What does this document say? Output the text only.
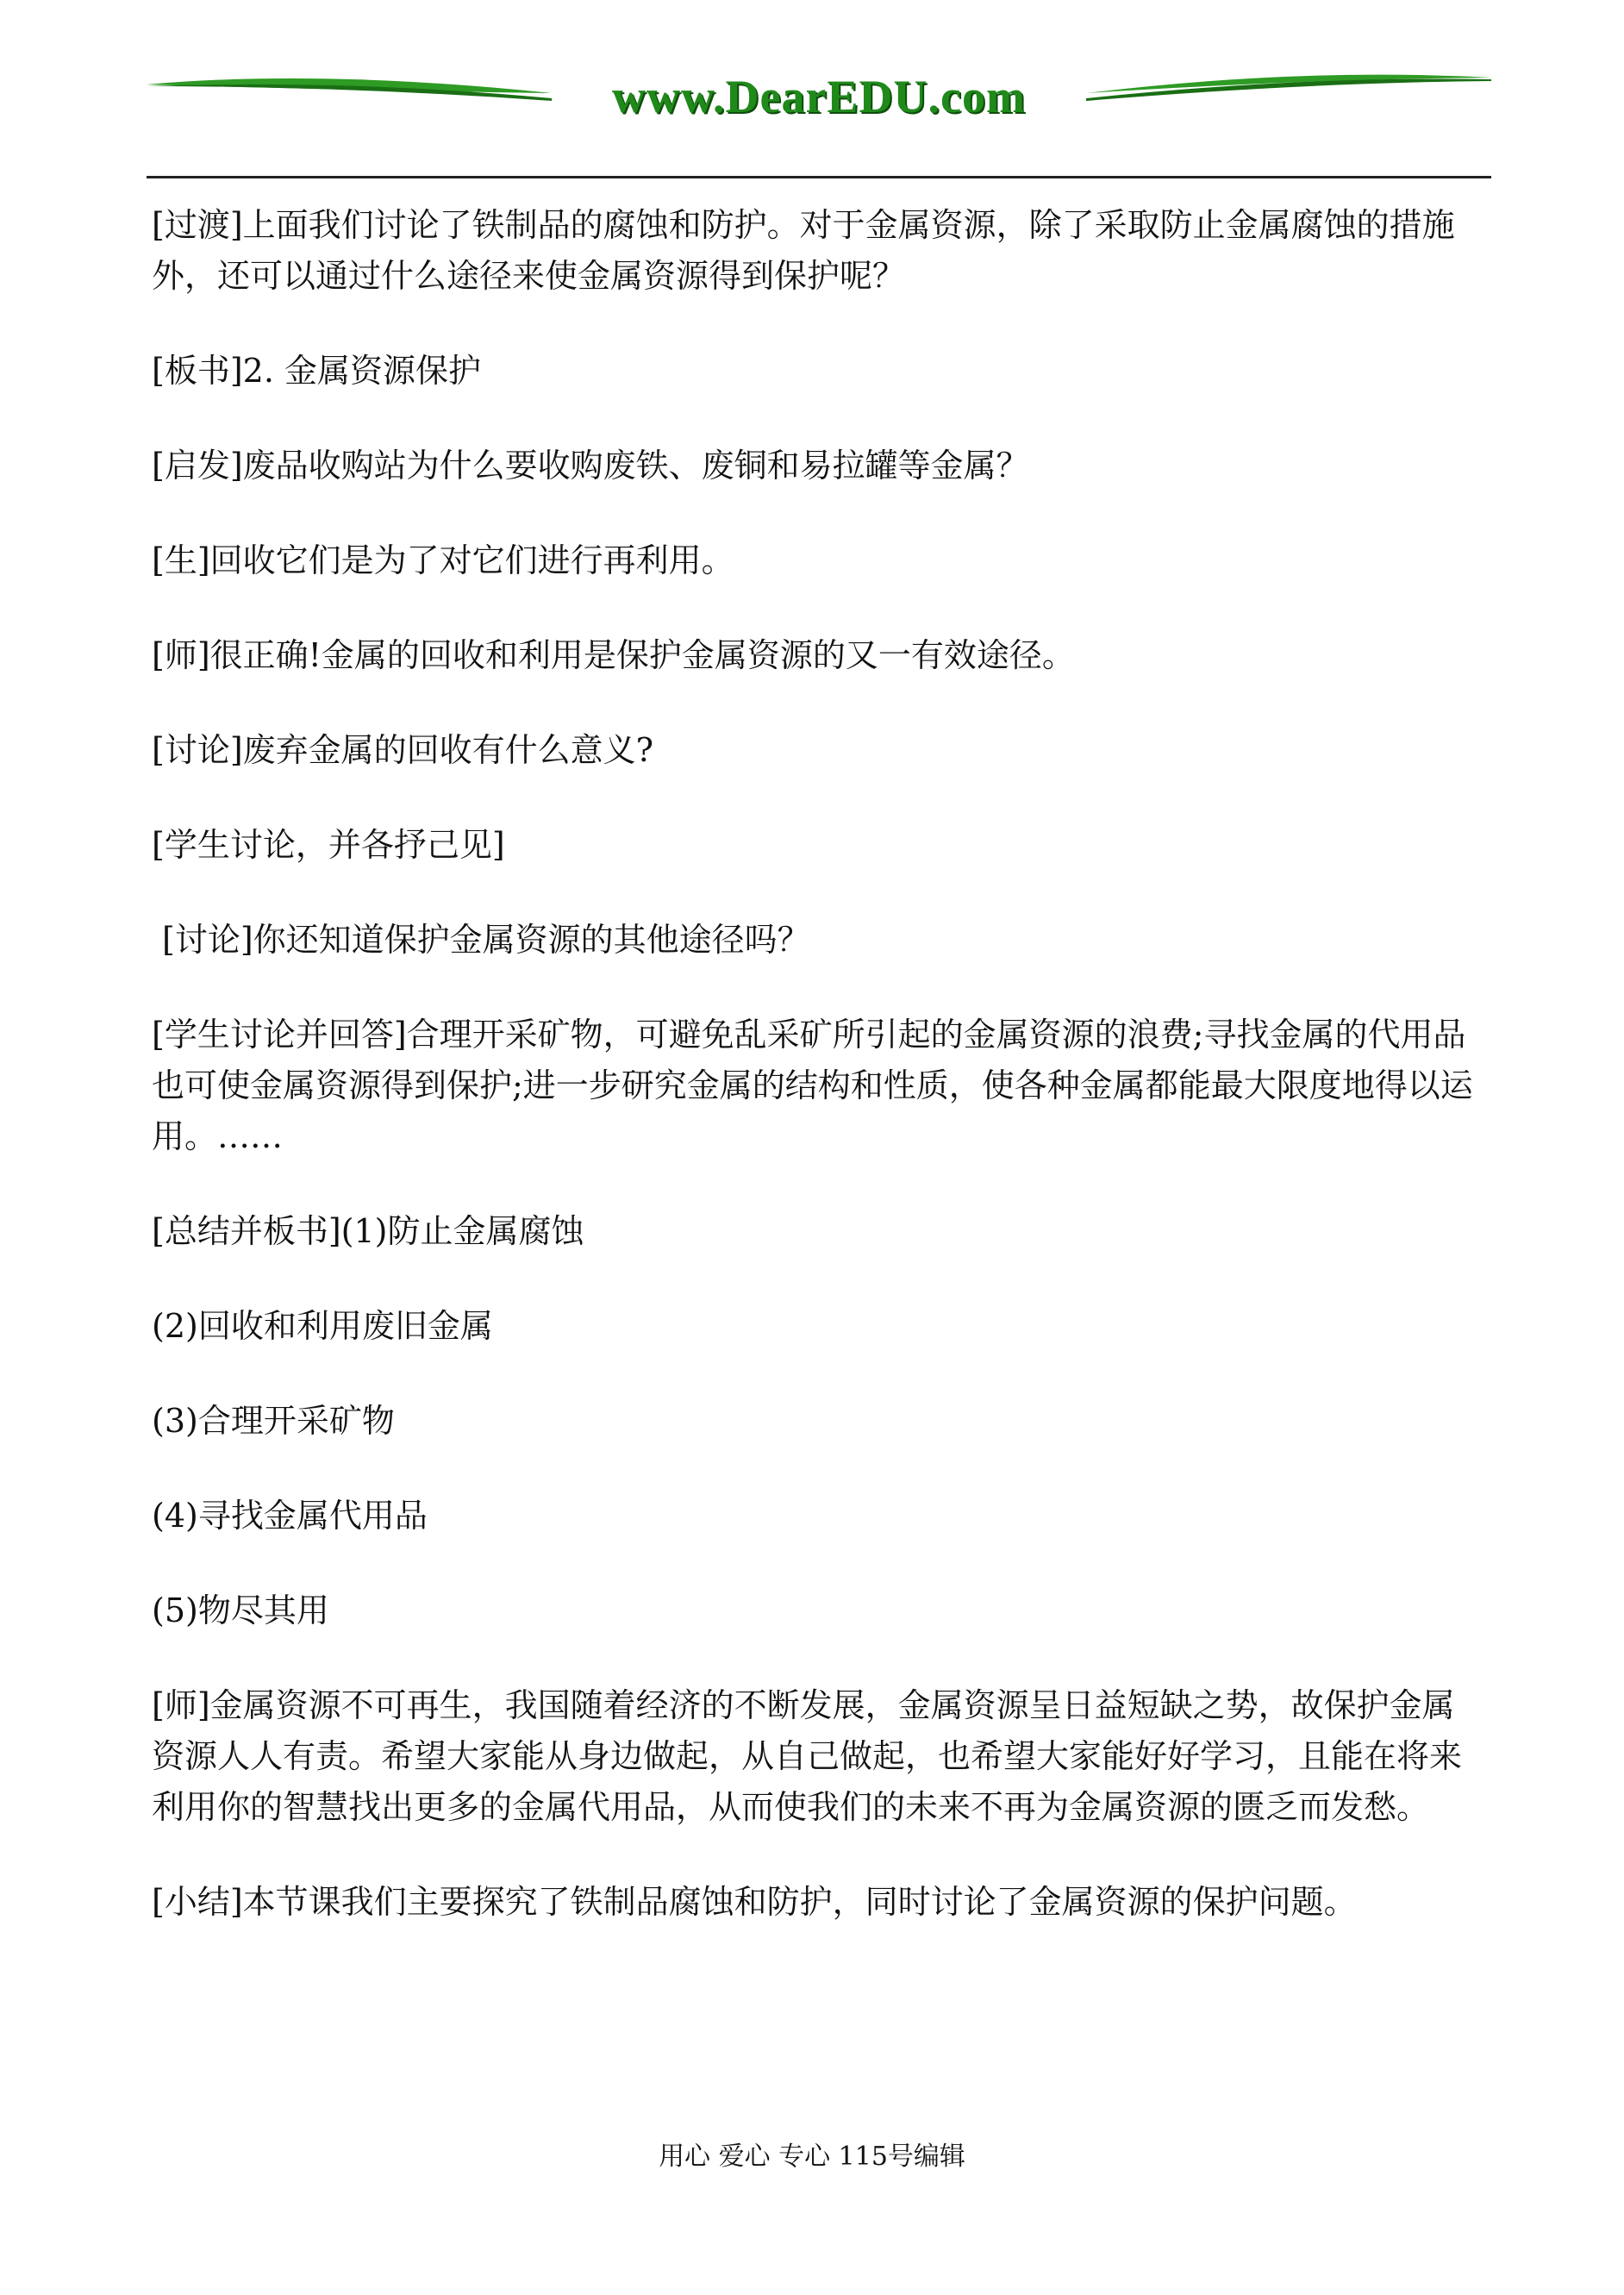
www.DearEDU.com

[过渡]上面我们讨论了铁制品的腐蚀和防护。对于金属资源，除了采取防止金属腐蚀的措施外，还可以通过什么途径来使金属资源得到保护呢？

[板书]2. 金属资源保护

[启发]废品收购站为什么要收购废铁、废铜和易拉罐等金属？

[生]回收它们是为了对它们进行再利用。

[师]很正确!金属的回收和利用是保护金属资源的又一有效途径。

[讨论]废弃金属的回收有什么意义?

[学生讨论，并各抒己见]

[讨论]你还知道保护金属资源的其他途径吗？

[学生讨论并回答]合理开采矿物，可避免乱采矿所引起的金属资源的浪费;寻找金属的代用品也可使金属资源得到保护;进一步研究金属的结构和性质，使各种金属都能最大限度地得以运用。……

[总结并板书](1)防止金属腐蚀

(2)回收和利用废旧金属

(3)合理开采矿物

(4)寻找金属代用品

(5)物尽其用

[师]金属资源不可再生，我国随着经济的不断发展，金属资源呈日益短缺之势，故保护金属资源人人有责。希望大家能从身边做起，从自己做起，也希望大家能好好学习，且能在将来利用你的智慧找出更多的金属代用品，从而使我们的未来不再为金属资源的匮乏而发愁。

[小结]本节课我们主要探究了铁制品腐蚀和防护，同时讨论了金属资源的保护问题。

用心 爱心 专心 115号编辑
